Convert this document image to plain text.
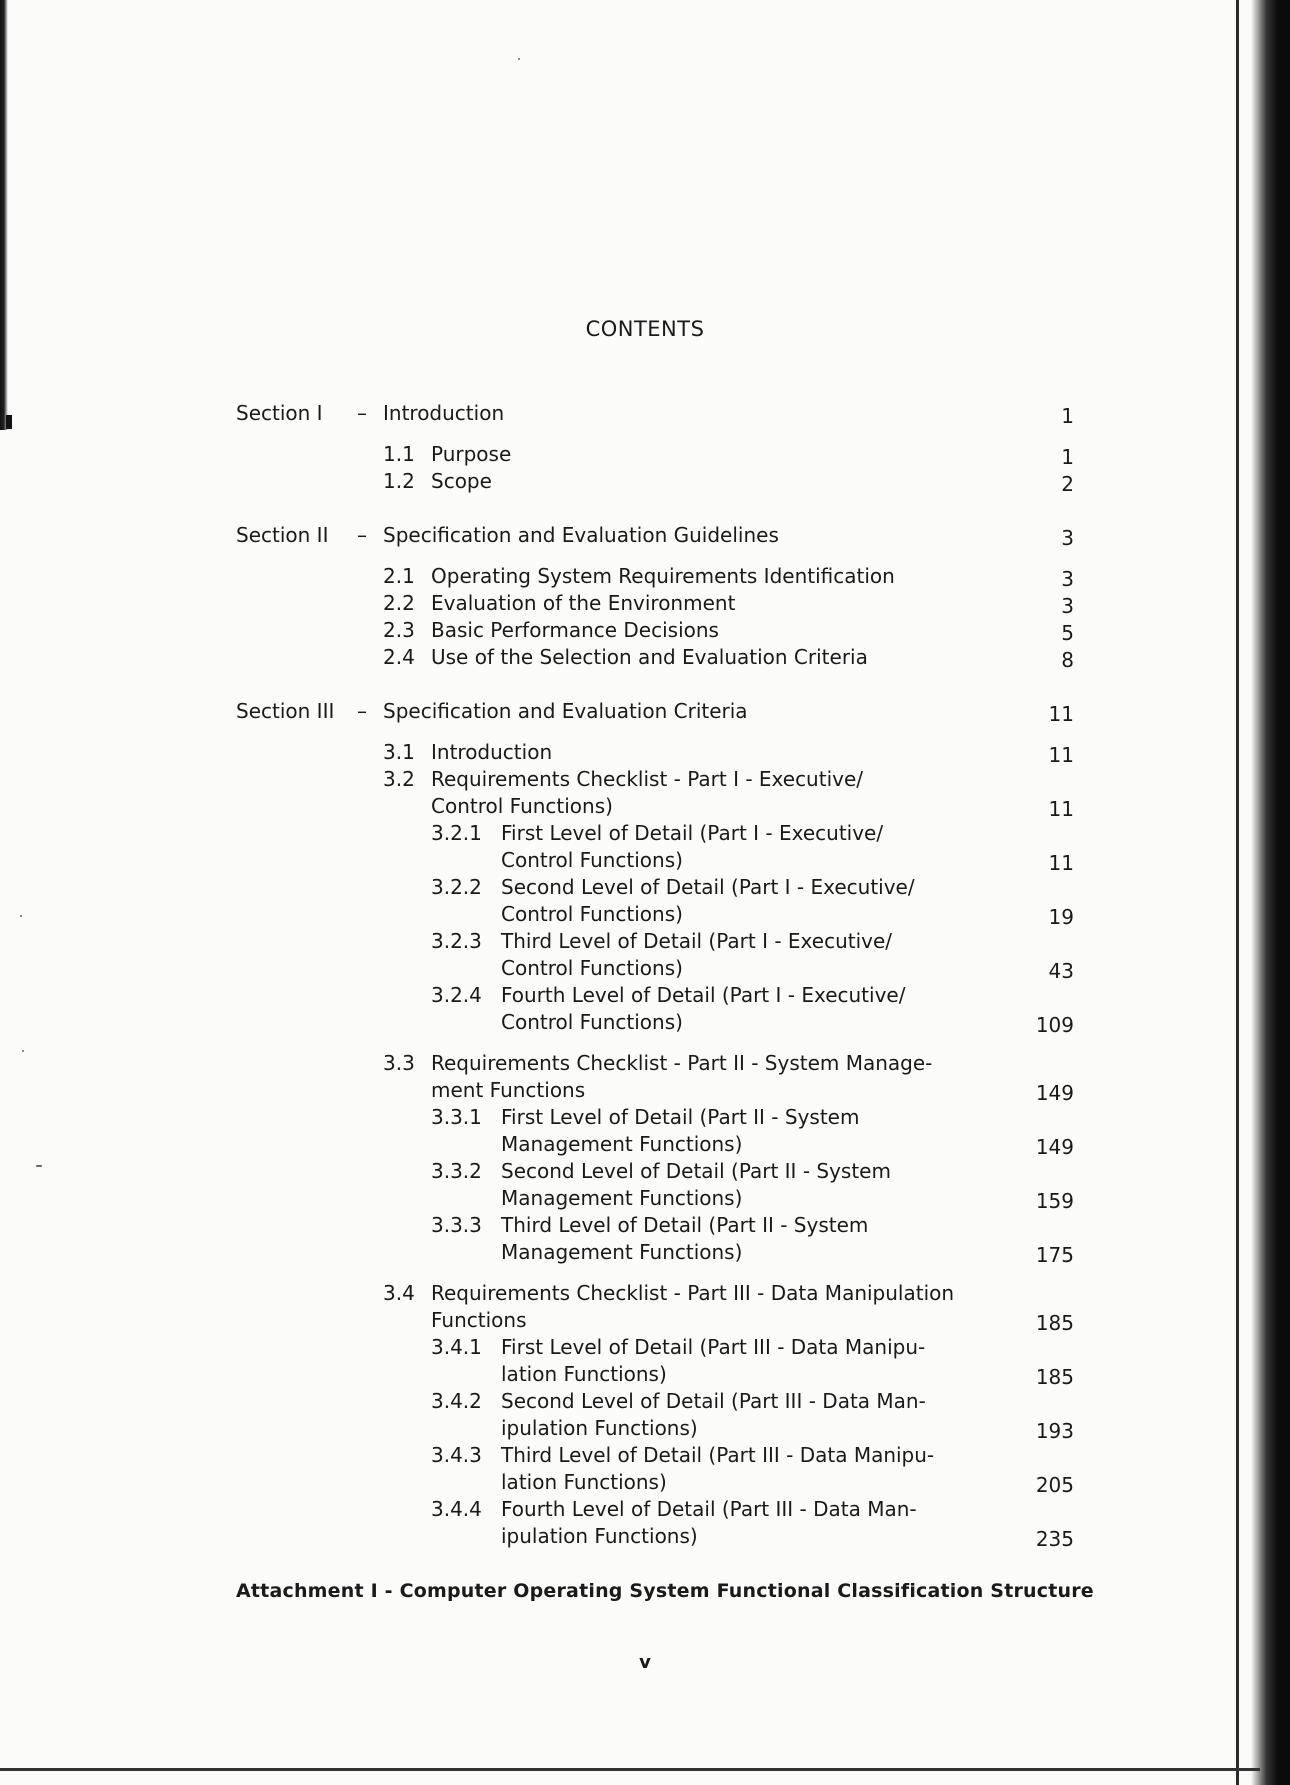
CONTENTS
Section I – Introduction	1
1.1 Purpose	1
1.2 Scope	2
Section II – Specification and Evaluation Guidelines	3
2.1 Operating System Requirements Identification	3
2.2 Evaluation of the Environment	3
2.3 Basic Performance Decisions	5
2.4 Use of the Selection and Evaluation Criteria	8
Section III – Specification and Evaluation Criteria	11
3.1 Introduction	11
3.2 Requirements Checklist - Part I - Executive/
Control Functions)	11
3.2.1 First Level of Detail (Part I - Executive/
Control Functions)	11
3.2.2 Second Level of Detail (Part I - Executive/
Control Functions)	19
3.2.3 Third Level of Detail (Part I - Executive/
Control Functions)	43
3.2.4 Fourth Level of Detail (Part I - Executive/
Control Functions)	109
3.3 Requirements Checklist - Part II - System Manage-
ment Functions	149
3.3.1 First Level of Detail (Part II - System
Management Functions)	149
3.3.2 Second Level of Detail (Part II - System
Management Functions)	159
3.3.3 Third Level of Detail (Part II - System
Management Functions)	175
3.4 Requirements Checklist - Part III - Data Manipulation
Functions	185
3.4.1 First Level of Detail (Part III - Data Manipu-
lation Functions)	185
3.4.2 Second Level of Detail (Part III - Data Man-
ipulation Functions)	193
3.4.3 Third Level of Detail (Part III - Data Manipu-
lation Functions)	205
3.4.4 Fourth Level of Detail (Part III - Data Man-
ipulation Functions)	235
Attachment I - Computer Operating System Functional Classification Structure
v
